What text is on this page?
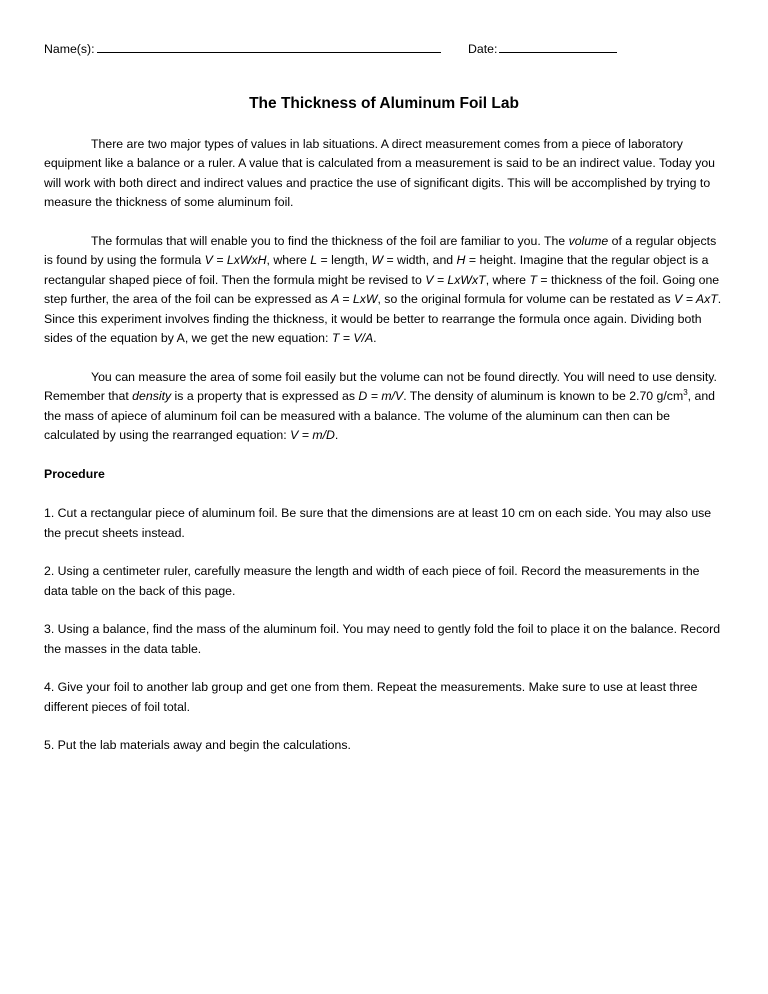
Name(s):	Date:
The Thickness of Aluminum Foil Lab

There are two major types of values in lab situations. A direct measurement comes from a piece of laboratory equipment like a balance or a ruler. A value that is calculated from a measurement is said to be an indirect value. Today you will work with both direct and indirect values and practice the use of significant digits. This will be accomplished by trying to measure the thickness of some aluminum foil.

The formulas that will enable you to find the thickness of the foil are familiar to you. The volume of a regular objects is found by using the formula V = LxWxH, where L = length, W = width, and H = height. Imagine that the regular object is a rectangular shaped piece of foil. Then the formula might be revised to V = LxWxT, where T = thickness of the foil. Going one step further, the area of the foil can be expressed as A = LxW, so the original formula for volume can be restated as V = AxT. Since this experiment involves finding the thickness, it would be better to rearrange the formula once again. Dividing both sides of the equation by A, we get the new equation: T = V/A.

You can measure the area of some foil easily but the volume can not be found directly. You will need to use density. Remember that density is a property that is expressed as D = m/V. The density of aluminum is known to be 2.70 $g/cm^3$, and the mass of apiece of aluminum foil can be measured with a balance. The volume of the aluminum can then can be calculated by using the rearranged equation: V = m/D.

Procedure

1. Cut a rectangular piece of aluminum foil. Be sure that the dimensions are at least 10 cm on each side. You may also use the precut sheets instead.

2. Using a centimeter ruler, carefully measure the length and width of each piece of foil. Record the measurements in the data table on the back of this page.

3. Using a balance, find the mass of the aluminum foil. You may need to gently fold the foil to place it on the balance. Record the masses in the data table.

4. Give your foil to another lab group and get one from them. Repeat the measurements. Make sure to use at least three different pieces of foil total.

5. Put the lab materials away and begin the calculations.
